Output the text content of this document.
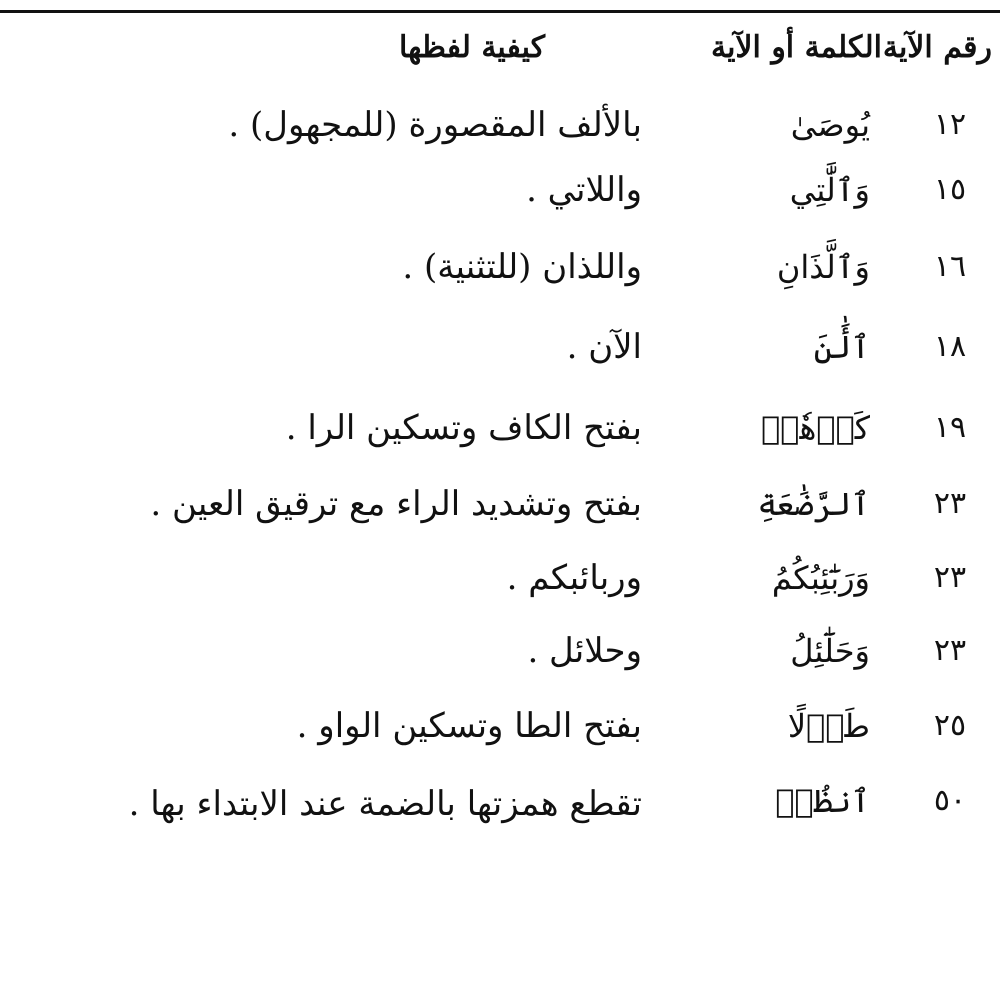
رقم الآية
الكلمة أو الآية
كيفية لفظها
١٢
يُوصَىٰ
بالألف المقصورة (للمجهول) .
١٥
وَٱلَّٰتِي
واللاتي .
١٦
وَٱلَّذَانِ
واللذان (للتثنية) .
١٨
ٱلَٰٔنَ
الآن .
١٩
كَرۡهٗاۖ
بفتح الكاف وتسكين الرا .
٢٣
ٱلرَّضَٰعَةِ
بفتح وتشديد الراء مع ترقيق العين .
٢٣
وَرَبَٰٓئِبُكُمُ
وربائبكم .
٢٣
وَحَلَٰٓئِلُ
وحلائل .
٢٥
طَوۡلًا
بفتح الطا وتسكين الواو .
٥٠
ٱنظُرۡ
تقطع همزتها بالضمة عند الابتداء بها .
